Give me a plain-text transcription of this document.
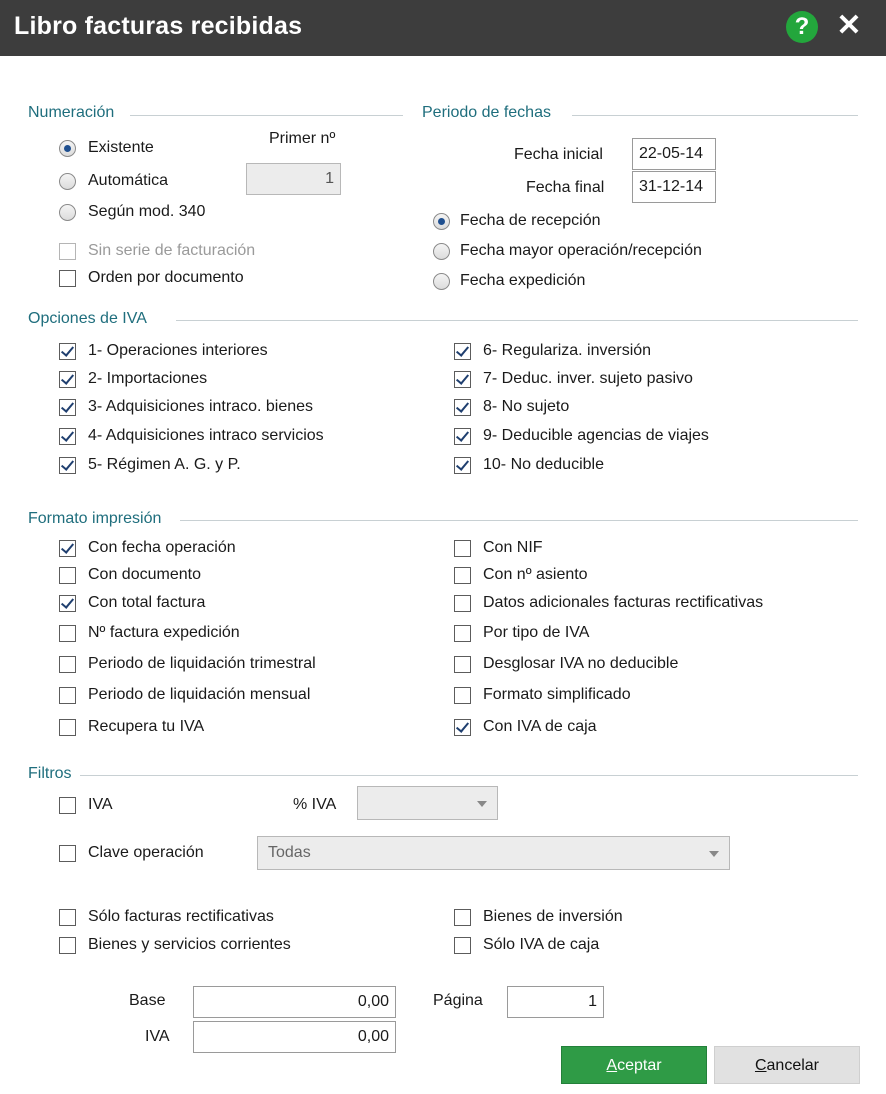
Libro facturas recibidas	? ✕
Numeración
Existente
Automática
Según mod. 340
Primer nº
1
Sin serie de facturación
Orden por documento
Periodo de fechas
Fecha inicial	22-05-14
Fecha final	31-12-14
Fecha de recepción
Fecha mayor operación/recepción
Fecha expedición
Opciones de IVA
1- Operaciones interiores
2- Importaciones
3- Adquisiciones intraco. bienes
4- Adquisiciones intraco servicios
5- Régimen A. G. y P.
6- Regulariza. inversión
7- Deduc. inver. sujeto pasivo
8- No sujeto
9- Deducible agencias de viajes
10- No deducible
Formato impresión
Con fecha operación
Con documento
Con total factura
Nº factura expedición
Periodo de liquidación trimestral
Periodo de liquidación mensual
Recupera tu IVA
Con NIF
Con nº asiento
Datos adicionales facturas rectificativas
Por tipo de IVA
Desglosar IVA no deducible
Formato simplificado
Con IVA de caja
Filtros
IVA	% IVA
Clave operación	Todas
Sólo facturas rectificativas
Bienes y servicios corrientes
Bienes de inversión
Sólo IVA de caja
Base	0,00
IVA	0,00
Página	1
Aceptar	Cancelar
